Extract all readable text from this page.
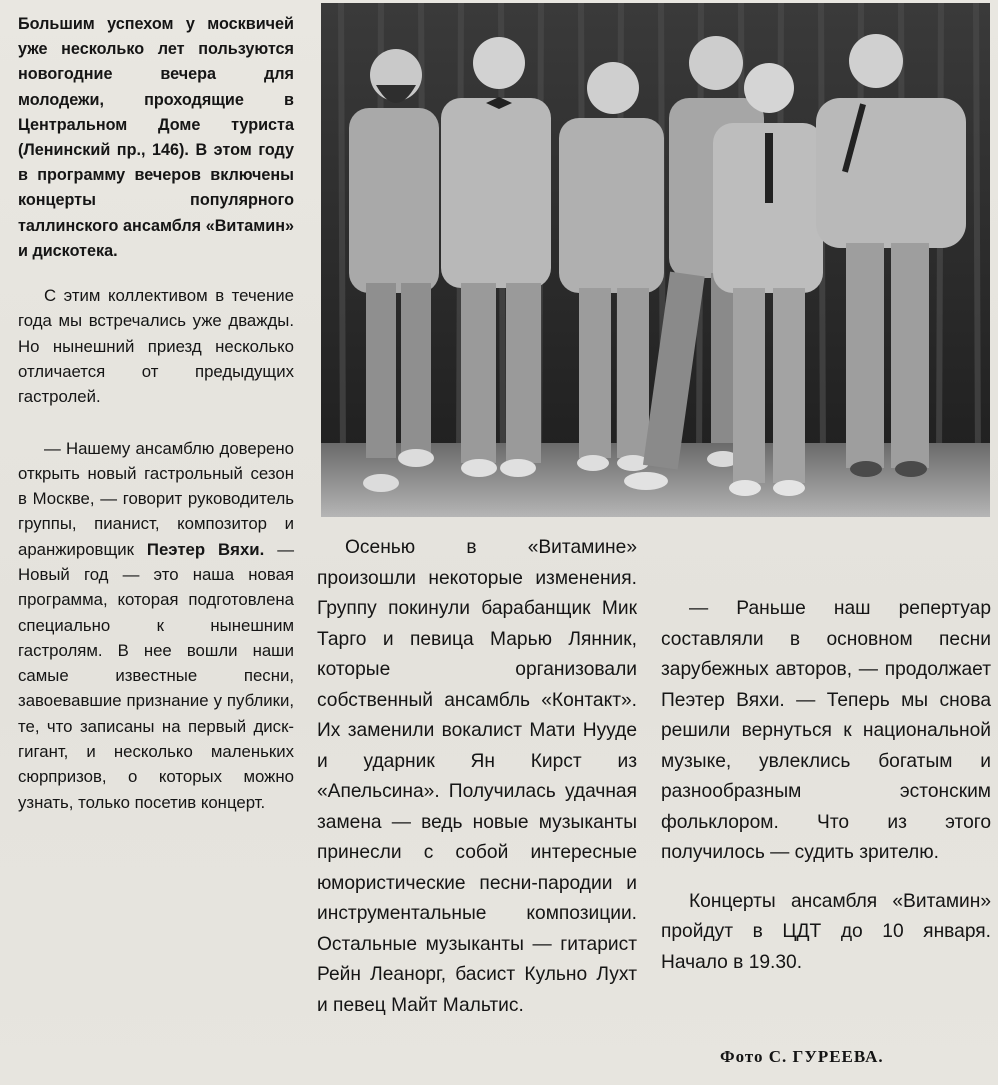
Большим успехом у москвичей уже несколько лет пользуются новогодние вечера для молодежи, проходящие в Центральном Доме туриста (Ленинский пр., 146). В этом году в программу вечеров включены концерты популярного таллинского ансамбля «Витамин» и дискотека.

С этим коллективом в течение года мы встречались уже дважды. Но нынешний приезд несколько отличается от предыдущих гастролей.

— Нашему ансамблю доверено открыть новый гастрольный сезон в Москве, — говорит руководитель группы, пианист, композитор и аранжировщик Пеэтер Вяхи. — Новый год — это наша новая программа, которая подготовлена специально к нынешним гастролям. В нее вошли наши самые известные песни, завоевавшие признание у публики, те, что записаны на первый диск-гигант, и несколько маленьких сюрпризов, о которых можно узнать, только посетив концерт.

Осенью в «Витамине» произошли некоторые изменения. Группу покинули барабанщик Мик Тарго и певица Марью Лянник, которые организовали собственный ансамбль «Контакт». Их заменили вокалист Мати Нууде и ударник Ян Кирст из «Апельсина». Получилась удачная замена — ведь новые музыканты принесли с собой интересные юмористические песни-пародии и инструментальные композиции. Остальные музыканты — гитарист Рейн Леанорг, басист Кульно Лухт и певец Майт Мальтис.

— Раньше наш репертуар составляли в основном песни зарубежных авторов, — продолжает Пеэтер Вяхи. — Теперь мы снова решили вернуться к национальной музыке, увлеклись богатым и разнообразным эстонским фольклором. Что из этого получилось — судить зрителю.

Концерты ансамбля «Витамин» пройдут в ЦДТ до 10 января. Начало в 19.30.

Фото С. ГУРЕЕВА.
